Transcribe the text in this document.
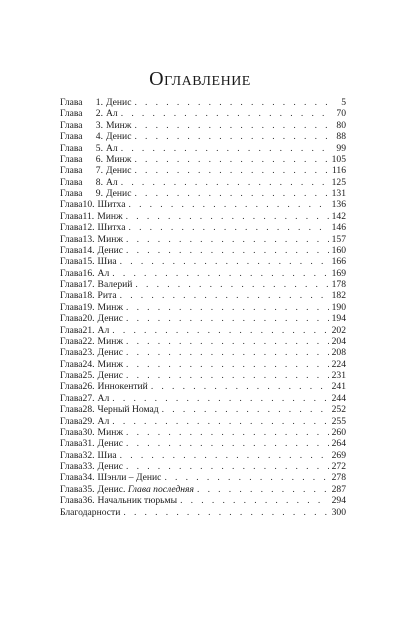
Оглавление
Глава 1. Денис . . .	5
Глава 2. Ал . . .	70
Глава 3. Минж . . .	80
Глава 4. Денис . . .	88
Глава 5. Ал . . .	99
Глава 6. Минж . . .	105
Глава 7. Денис . . .	116
Глава 8. Ал . . .	125
Глава 9. Денис . . .	131
Глава10. Шитха . . .	136
Глава11. Минж . . .	142
Глава12. Шитха . . .	146
Глава13. Минж . . .	157
Глава14. Денис . . .	160
Глава15. Шиа . . .	166
Глава16. Ал . . .	169
Глава17. Валерий . . .	178
Глава18. Рита . . .	182
Глава19. Минж . . .	190
Глава20. Денис . . .	194
Глава21. Ал . . .	202
Глава22. Минж . . .	204
Глава23. Денис . . .	208
Глава24. Минж . . .	224
Глава25. Денис . . .	231
Глава26. Иннокентий . . .	241
Глава27. Ал . . .	244
Глава28. Черный Номад . . .	252
Глава29. Ал . . .	255
Глава30. Минж . . .	260
Глава31. Денис . . .	264
Глава32. Шиа . . .	269
Глава33. Денис . . .	272
Глава34. Шэнли – Денис . . .	278
Глава35. Денис. Глава последняя . . .	287
Глава36. Начальник тюрьмы . . .	294
Благодарности . . .	300
